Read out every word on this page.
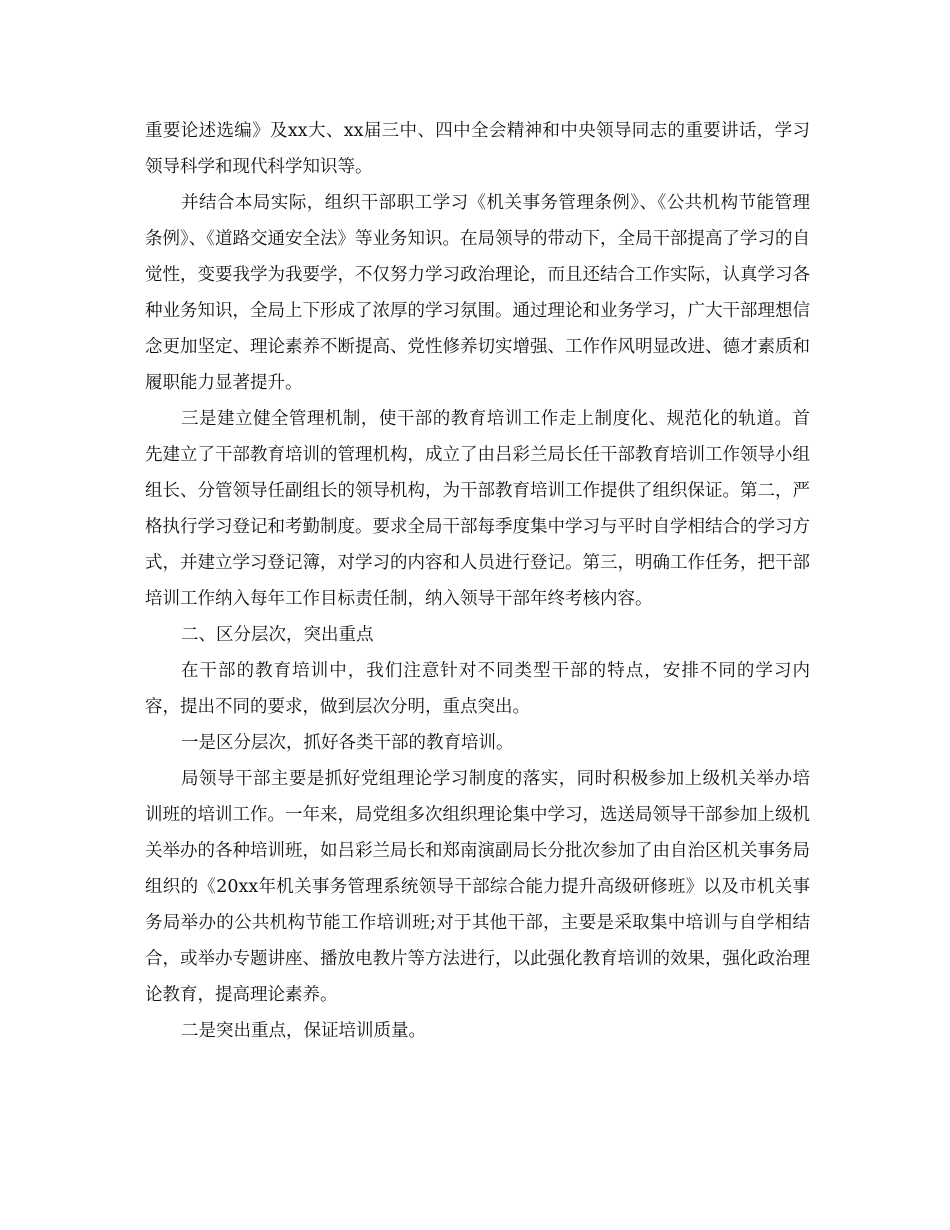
重要论述选编》及xx大、xx届三中、四中全会精神和中央领导同志的重要讲话，学习领导科学和现代科学知识等。

并结合本局实际，组织干部职工学习《机关事务管理条例》、《公共机构节能管理条例》、《道路交通安全法》等业务知识。在局领导的带动下，全局干部提高了学习的自觉性，变要我学为我要学，不仅努力学习政治理论，而且还结合工作实际，认真学习各种业务知识，全局上下形成了浓厚的学习氛围。通过理论和业务学习，广大干部理想信念更加坚定、理论素养不断提高、党性修养切实增强、工作作风明显改进、德才素质和履职能力显著提升。

三是建立健全管理机制，使干部的教育培训工作走上制度化、规范化的轨道。首先建立了干部教育培训的管理机构，成立了由吕彩兰局长任干部教育培训工作领导小组组长、分管领导任副组长的领导机构，为干部教育培训工作提供了组织保证。第二，严格执行学习登记和考勤制度。要求全局干部每季度集中学习与平时自学相结合的学习方式，并建立学习登记簿，对学习的内容和人员进行登记。第三，明确工作任务，把干部培训工作纳入每年工作目标责任制，纳入领导干部年终考核内容。

二、区分层次，突出重点

在干部的教育培训中，我们注意针对不同类型干部的特点，安排不同的学习内容，提出不同的要求，做到层次分明，重点突出。

一是区分层次，抓好各类干部的教育培训。

局领导干部主要是抓好党组理论学习制度的落实，同时积极参加上级机关举办培训班的培训工作。一年来，局党组多次组织理论集中学习，选送局领导干部参加上级机关举办的各种培训班，如吕彩兰局长和郑南演副局长分批次参加了由自治区机关事务局组织的《20xx年机关事务管理系统领导干部综合能力提升高级研修班》以及市机关事务局举办的公共机构节能工作培训班;对于其他干部，主要是采取集中培训与自学相结合，或举办专题讲座、播放电教片等方法进行，以此强化教育培训的效果，强化政治理论教育，提高理论素养。

二是突出重点，保证培训质量。
